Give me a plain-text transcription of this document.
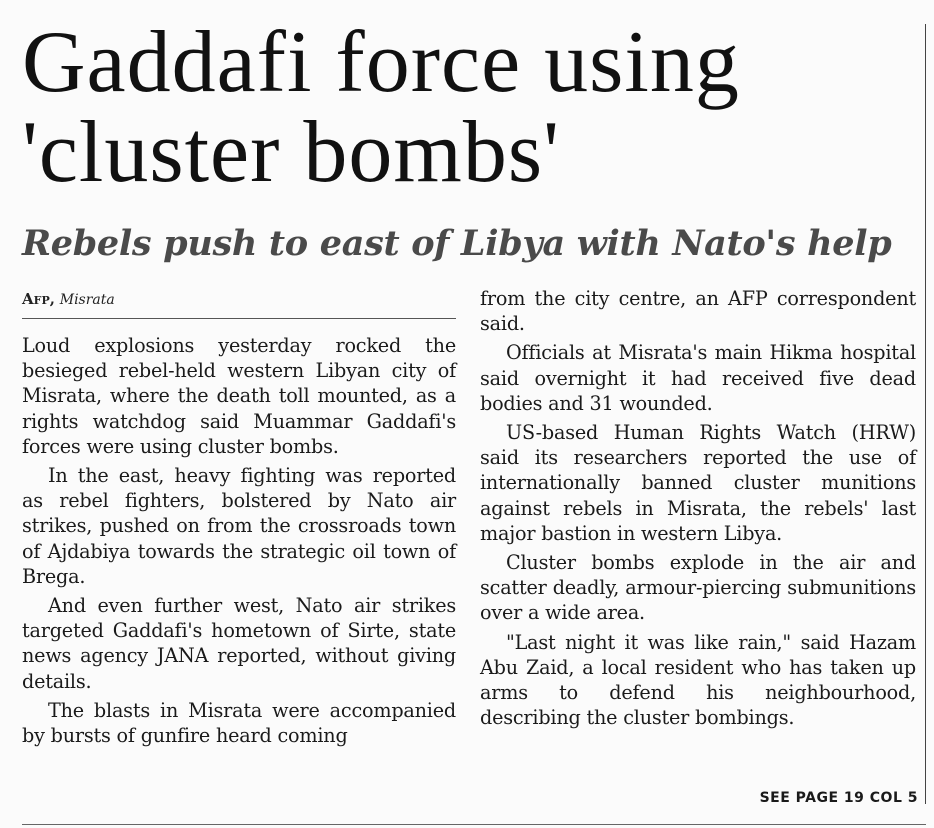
Gaddafi force using
'cluster bombs'
Rebels push to east of Libya with Nato's help
Afp, Misrata

Loud explosions yesterday rocked the besieged rebel-held western Libyan city of Misrata, where the death toll mounted, as a rights watchdog said Muammar Gaddafi's forces were using cluster bombs.

In the east, heavy fighting was reported as rebel fighters, bolstered by Nato air strikes, pushed on from the crossroads town of Ajdabiya towards the strategic oil town of Brega.

And even further west, Nato air strikes targeted Gaddafi's hometown of Sirte, state news agency JANA reported, without giving details.

The blasts in Misrata were accompanied by bursts of gunfire heard coming

from the city centre, an AFP correspondent said.

Officials at Misrata's main Hikma hospital said overnight it had received five dead bodies and 31 wounded.

US-based Human Rights Watch (HRW) said its researchers reported the use of internationally banned cluster munitions against rebels in Misrata, the rebels' last major bastion in western Libya.

Cluster bombs explode in the air and scatter deadly, armour-piercing submunitions over a wide area.

"Last night it was like rain," said Hazam Abu Zaid, a local resident who has taken up arms to defend his neighbourhood, describing the cluster bombings.

SEE PAGE 19 COL 5
